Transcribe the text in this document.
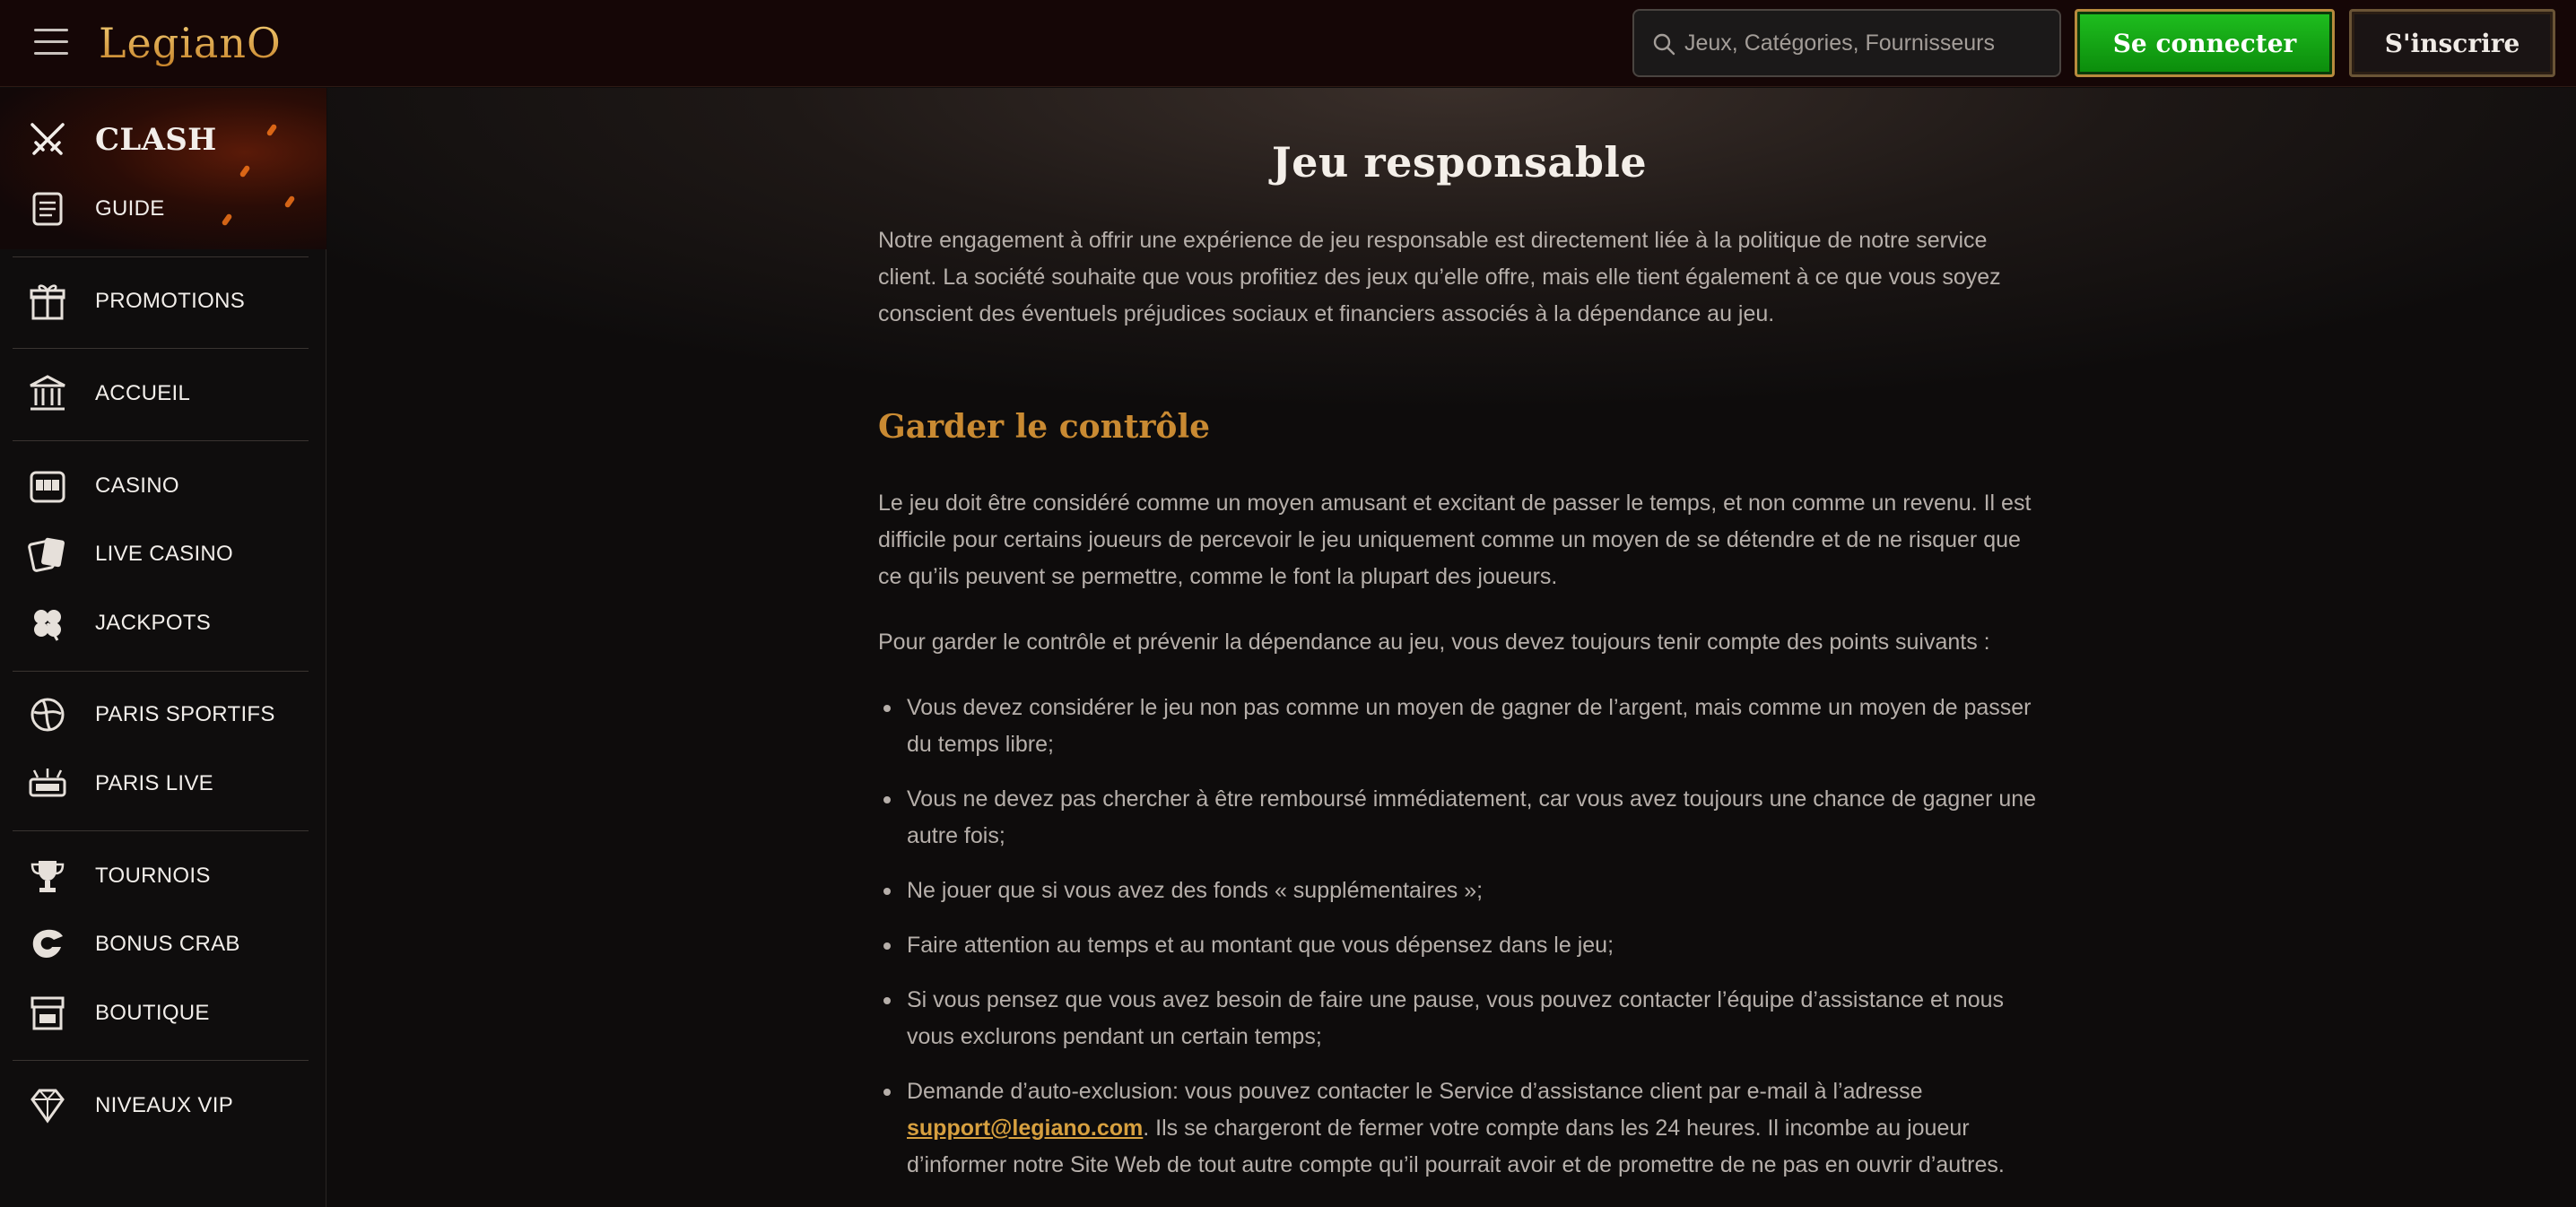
LegianO
Jeux, Catégories, Fournisseurs	Se connecter	S'inscrire
CLASH
GUIDE
PROMOTIONS
ACCUEIL
CASINO
LIVE CASINO
JACKPOTS
PARIS SPORTIFS
PARIS LIVE
TOURNOIS
BONUS CRAB
BOUTIQUE
NIVEAUX VIP
Jeu responsable

Notre engagement à offrir une expérience de jeu responsable est directement liée à la politique de notre service client. La société souhaite que vous profitiez des jeux qu’elle offre, mais elle tient également à ce que vous soyez conscient des éventuels préjudices sociaux et financiers associés à la dépendance au jeu.

Garder le contrôle

Le jeu doit être considéré comme un moyen amusant et excitant de passer le temps, et non comme un revenu. Il est difficile pour certains joueurs de percevoir le jeu uniquement comme un moyen de se détendre et de ne risquer que ce qu’ils peuvent se permettre, comme le font la plupart des joueurs.

Pour garder le contrôle et prévenir la dépendance au jeu, vous devez toujours tenir compte des points suivants :

Vous devez considérer le jeu non pas comme un moyen de gagner de l’argent, mais comme un moyen de passer du temps libre;
Vous ne devez pas chercher à être remboursé immédiatement, car vous avez toujours une chance de gagner une autre fois;
Ne jouer que si vous avez des fonds « supplémentaires »;
Faire attention au temps et au montant que vous dépensez dans le jeu;
Si vous pensez que vous avez besoin de faire une pause, vous pouvez contacter l’équipe d’assistance et nous vous exclurons pendant un certain temps;
Demande d’auto-exclusion: vous pouvez contacter le Service d’assistance client par e-mail à l’adresse support@legiano.com. Ils se chargeront de fermer votre compte dans les 24 heures. Il incombe au joueur d’informer notre Site Web de tout autre compte qu’il pourrait avoir et de promettre de ne pas en ouvrir d’autres.
